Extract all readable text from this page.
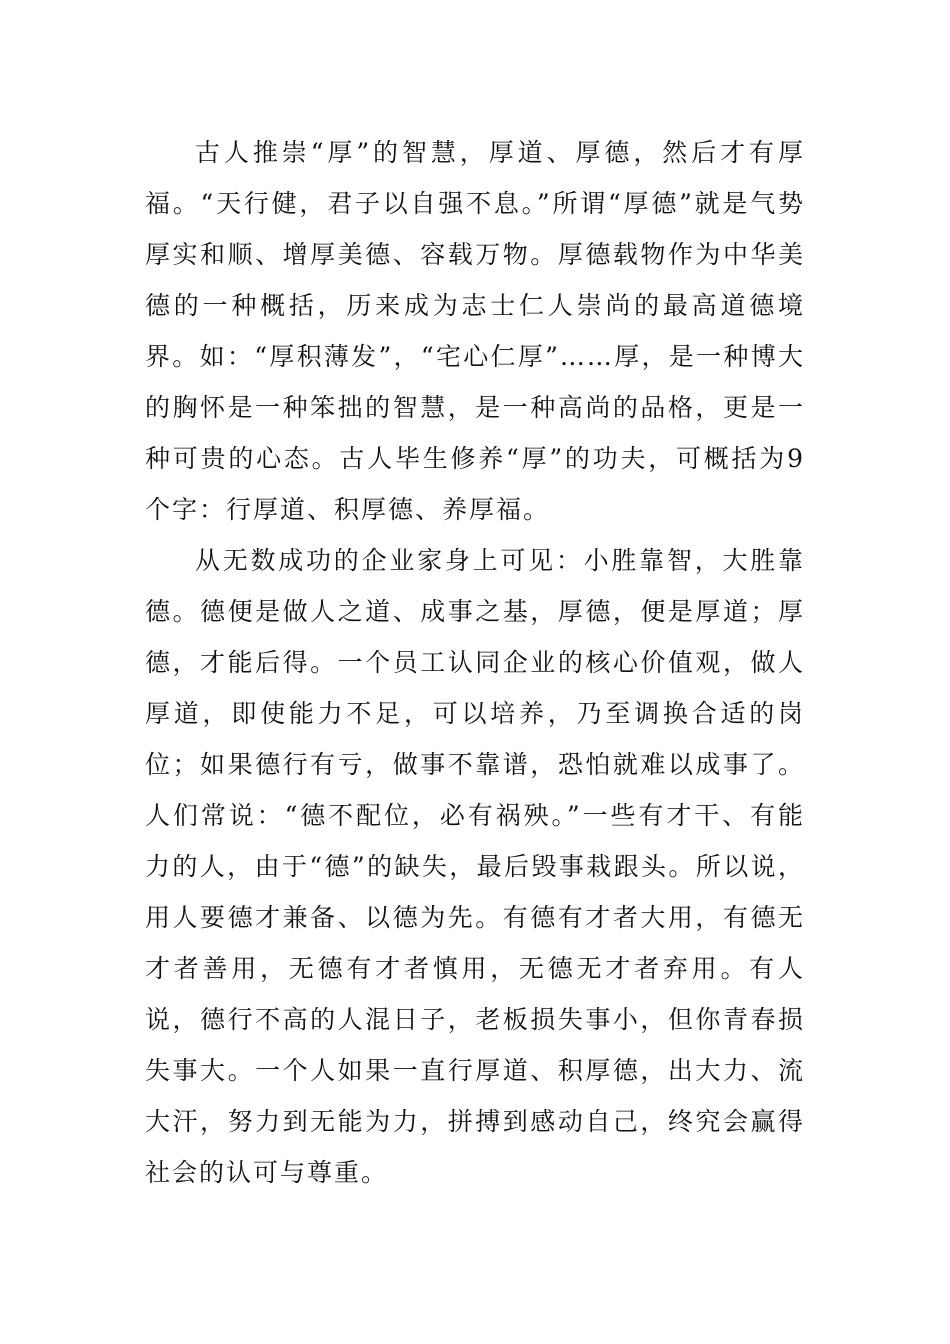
古人推崇“厚”的智慧，厚道、厚德，然后才有厚福。“天行健，君子以自强不息。”所谓“厚德”就是气势厚实和顺、增厚美德、容载万物。厚德载物作为中华美德的一种概括，历来成为志士仁人崇尚的最高道德境界。如：“厚积薄发”，“宅心仁厚”……厚，是一种博大的胸怀是一种笨拙的智慧，是一种高尚的品格，更是一种可贵的心态。古人毕生修养“厚”的功夫，可概括为9个字：行厚道、积厚德、养厚福。

从无数成功的企业家身上可见：小胜靠智，大胜靠德。德便是做人之道、成事之基，厚德，便是厚道；厚德，才能后得。一个员工认同企业的核心价值观，做人厚道，即使能力不足，可以培养，乃至调换合适的岗位；如果德行有亏，做事不靠谱，恐怕就难以成事了。人们常说：“德不配位，必有祸殃。”一些有才干、有能力的人，由于“德”的缺失，最后毁事栽跟头。所以说，用人要德才兼备、以德为先。有德有才者大用，有德无才者善用，无德有才者慎用，无德无才者弃用。有人说，德行不高的人混日子，老板损失事小，但你青春损失事大。一个人如果一直行厚道、积厚德，出大力、流大汗，努力到无能为力，拼搏到感动自己，终究会赢得社会的认可与尊重。
